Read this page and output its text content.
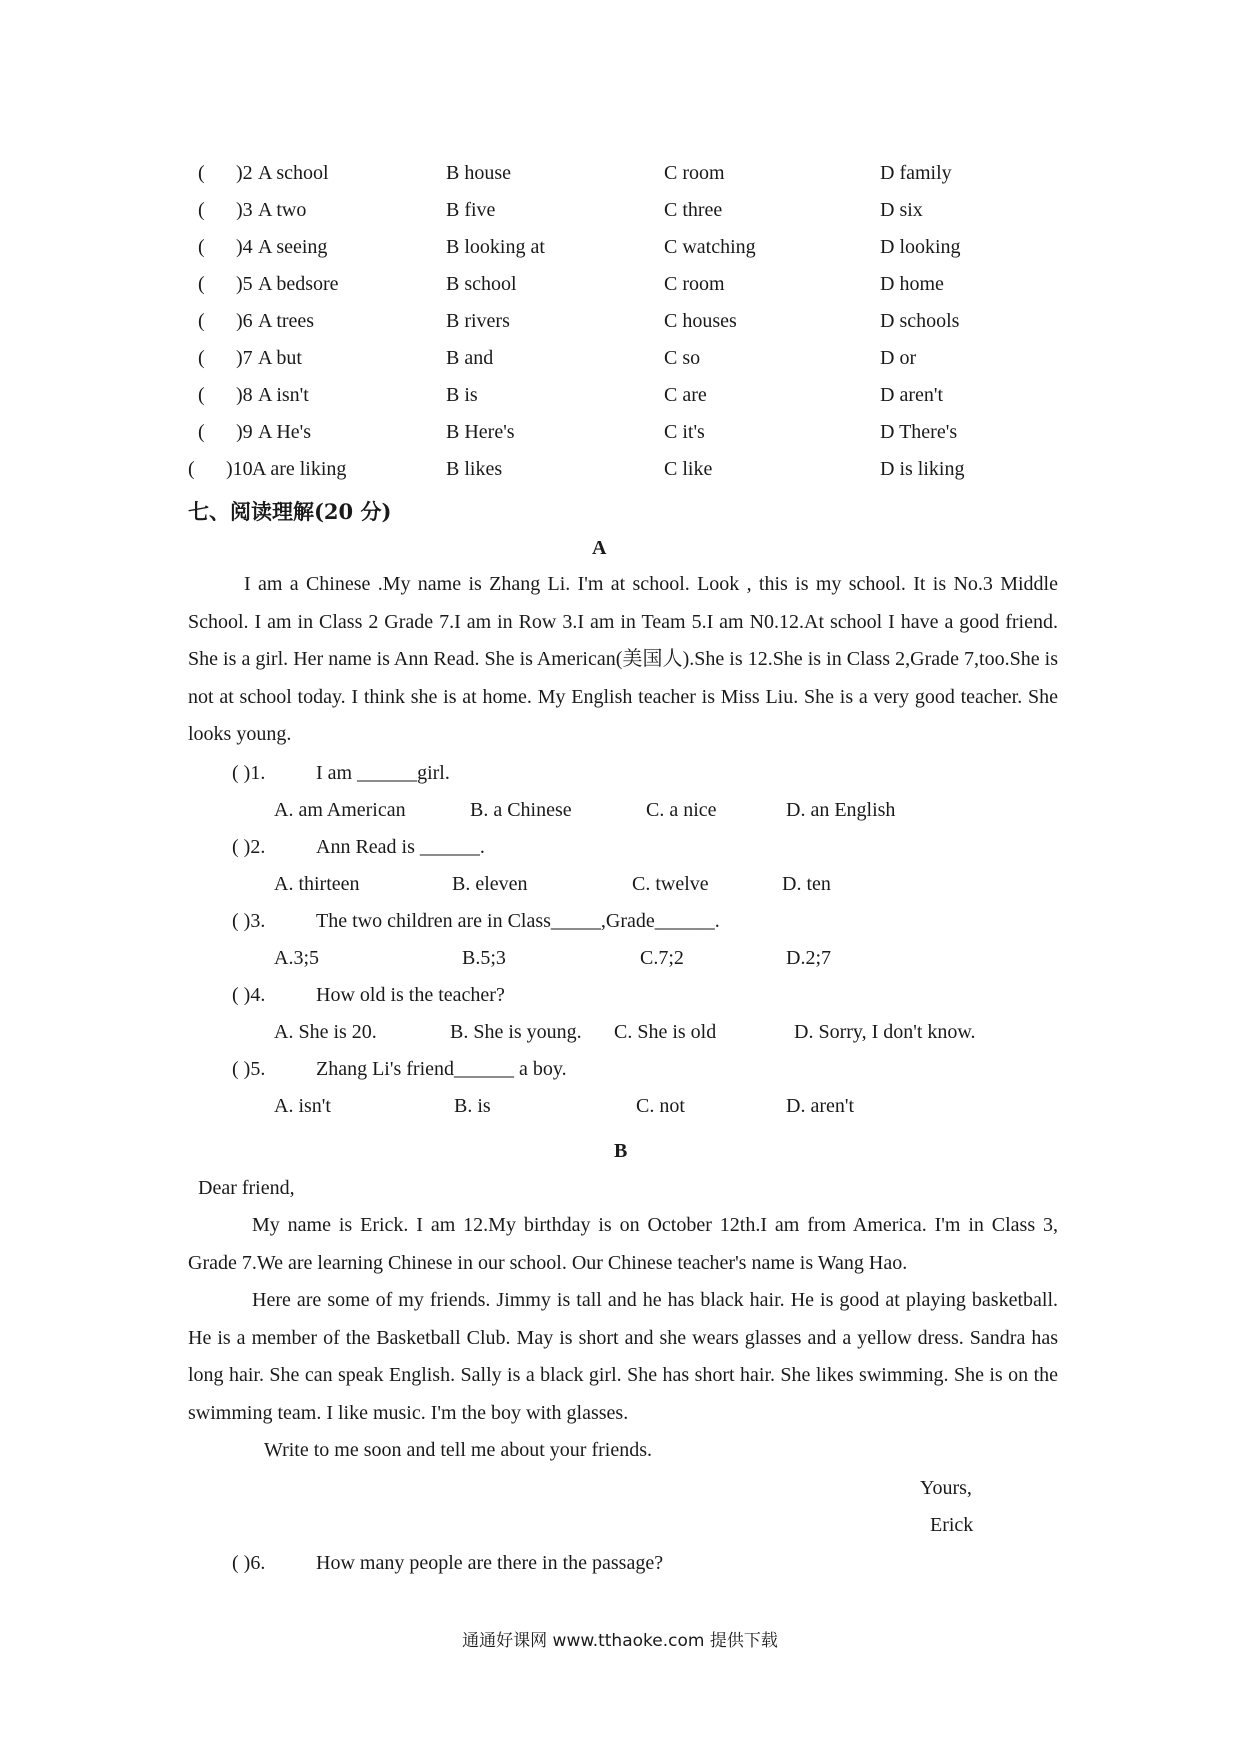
( )2 A school	B house	C room	D family
( )3 A two	B five	C three	D six
( )4 A seeing	B looking at	C watching	D looking
( )5 A bedsore	B school	C room	D home
( )6 A trees	B rivers	C houses	D schools
( )7 A but	B and	C so	D or
( )8 A isn't	B is	C are	D aren't
( )9 A He's	B Here's	C it's	D There's
( )10 A are liking	B likes	C like	D is liking
七、阅读理解(20 分)
A
I am a Chinese .My name is Zhang Li. I'm at school. Look , this is my school. It is No.3 Middle School. I am in Class 2 Grade 7.I am in Row 3.I am in Team 5.I am N0.12.At school I have a good friend. She is a girl. Her name is Ann Read. She is American(美国人).She is 12.She is in Class 2,Grade 7,too.She is not at school today. I think she is at home. My English teacher is Miss Liu. She is a very good teacher. She looks young.
( )1.	I am ______girl.
A. am American	B. a Chinese	C. a nice	D. an English
( )2.	Ann Read is ______.
A. thirteen	B. eleven	C. twelve	D. ten
( )3.	The two children are in Class_____,Grade______.
A.3;5	B.5;3	C.7;2	D.2;7
( )4.	How old is the teacher?
A. She is 20.	B. She is young. C. She is old	D. Sorry, I don't know.
( )5.	Zhang Li's friend______ a boy.
A. isn't	B. is	C. not	D. aren't
B
Dear friend,
My name is Erick. I am 12.My birthday is on October 12th.I am from America. I'm in Class 3, Grade 7.We are learning Chinese in our school. Our Chinese teacher's name is Wang Hao.
Here are some of my friends. Jimmy is tall and he has black hair. He is good at playing basketball. He is a member of the Basketball Club. May is short and she wears glasses and a yellow dress. Sandra has long hair. She can speak English. Sally is a black girl. She has short hair. She likes swimming. She is on the swimming team. I like music. I'm the boy with glasses.
Write to me soon and tell me about your friends.
Yours,
Erick
( )6.	How many people are there in the passage?
通通好课网 www.tthaoke.com 提供下载
